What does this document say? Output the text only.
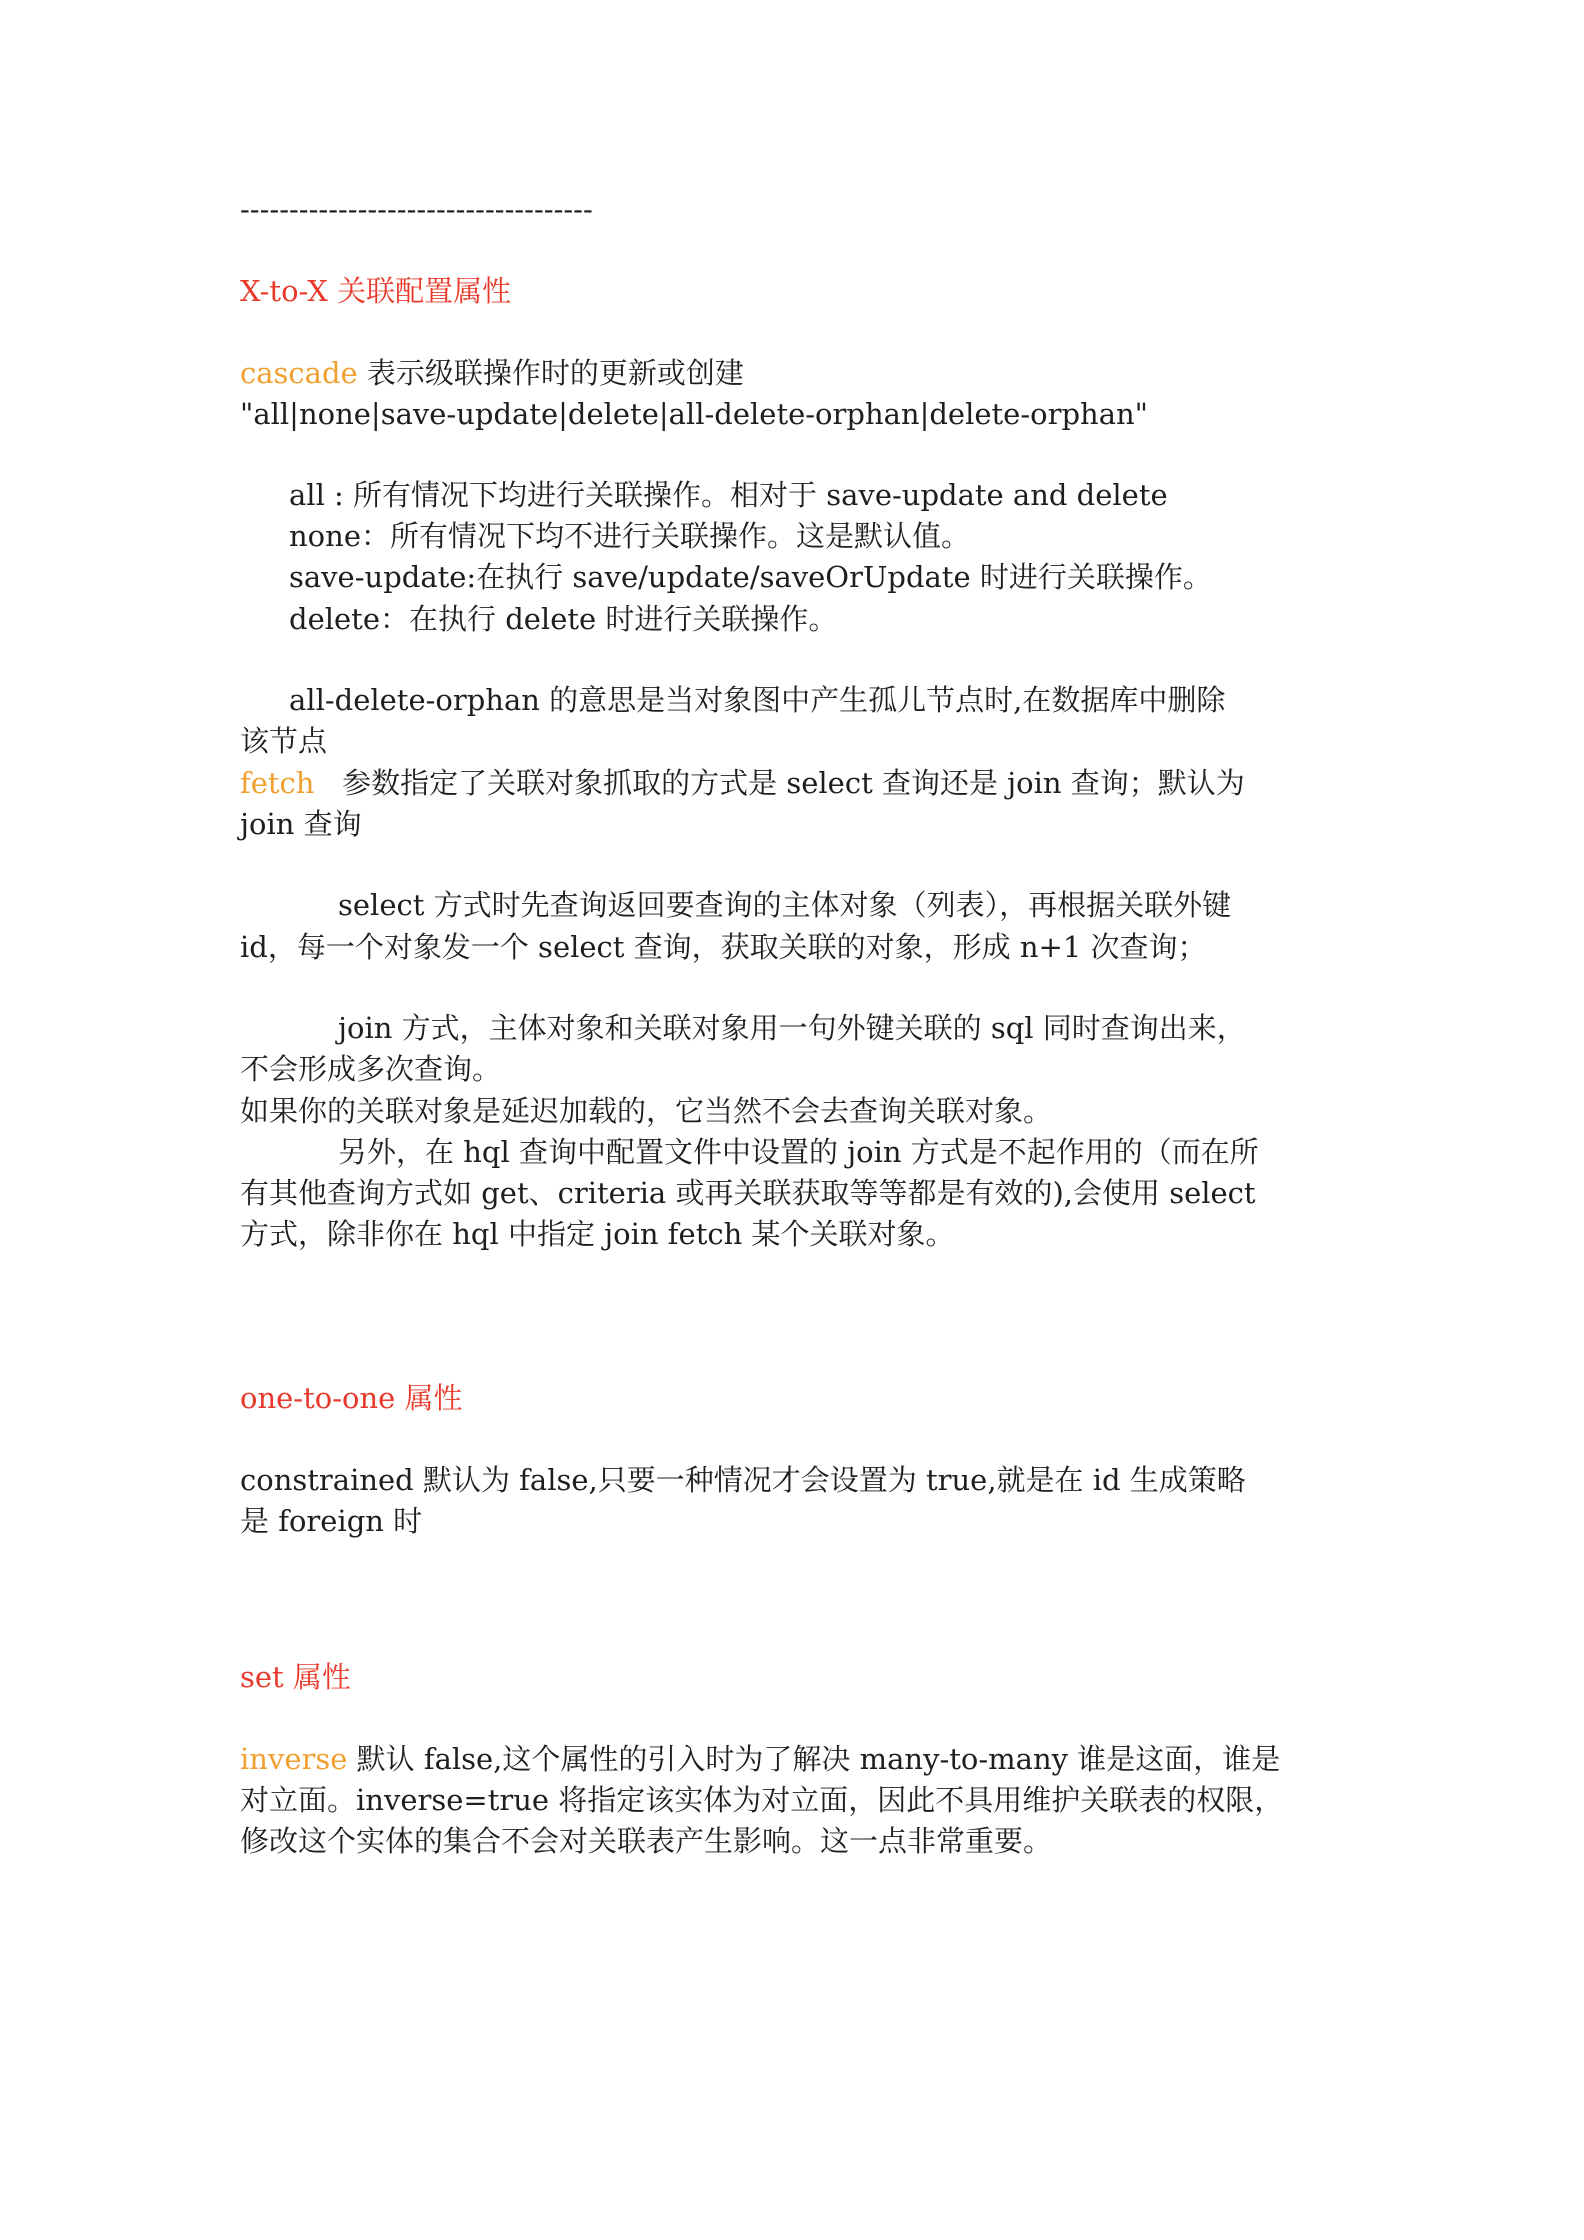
------------------------------------

X-to-X 关联配置属性

cascade 表示级联操作时的更新或创建

"all|none|save-update|delete|all-delete-orphan|delete-orphan"

all : 所有情况下均进行关联操作。相对于 save-update and delete

none：所有情况下均不进行关联操作。这是默认值。

save-update:在执行 save/update/saveOrUpdate 时进行关联操作。

delete：在执行 delete 时进行关联操作。

all-delete-orphan 的意思是当对象图中产生孤儿节点时,在数据库中删除

该节点

fetch 参数指定了关联对象抓取的方式是 select 查询还是 join 查询；默认为

join 查询

select 方式时先查询返回要查询的主体对象（列表），再根据关联外键

id，每一个对象发一个 select 查询，获取关联的对象，形成 n+1 次查询；

join 方式，主体对象和关联对象用一句外键关联的 sql 同时查询出来，

不会形成多次查询。

如果你的关联对象是延迟加载的，它当然不会去查询关联对象。

另外，在 hql 查询中配置文件中设置的 join 方式是不起作用的（而在所

有其他查询方式如 get、criteria 或再关联获取等等都是有效的),会使用 select

方式，除非你在 hql 中指定 join fetch 某个关联对象。

one-to-one 属性

constrained 默认为 false,只要一种情况才会设置为 true,就是在 id 生成策略

是 foreign 时

set 属性

inverse 默认 false,这个属性的引入时为了解决 many-to-many 谁是这面，谁是

对立面。inverse=true 将指定该实体为对立面，因此不具用维护关联表的权限，

修改这个实体的集合不会对关联表产生影响。这一点非常重要。
